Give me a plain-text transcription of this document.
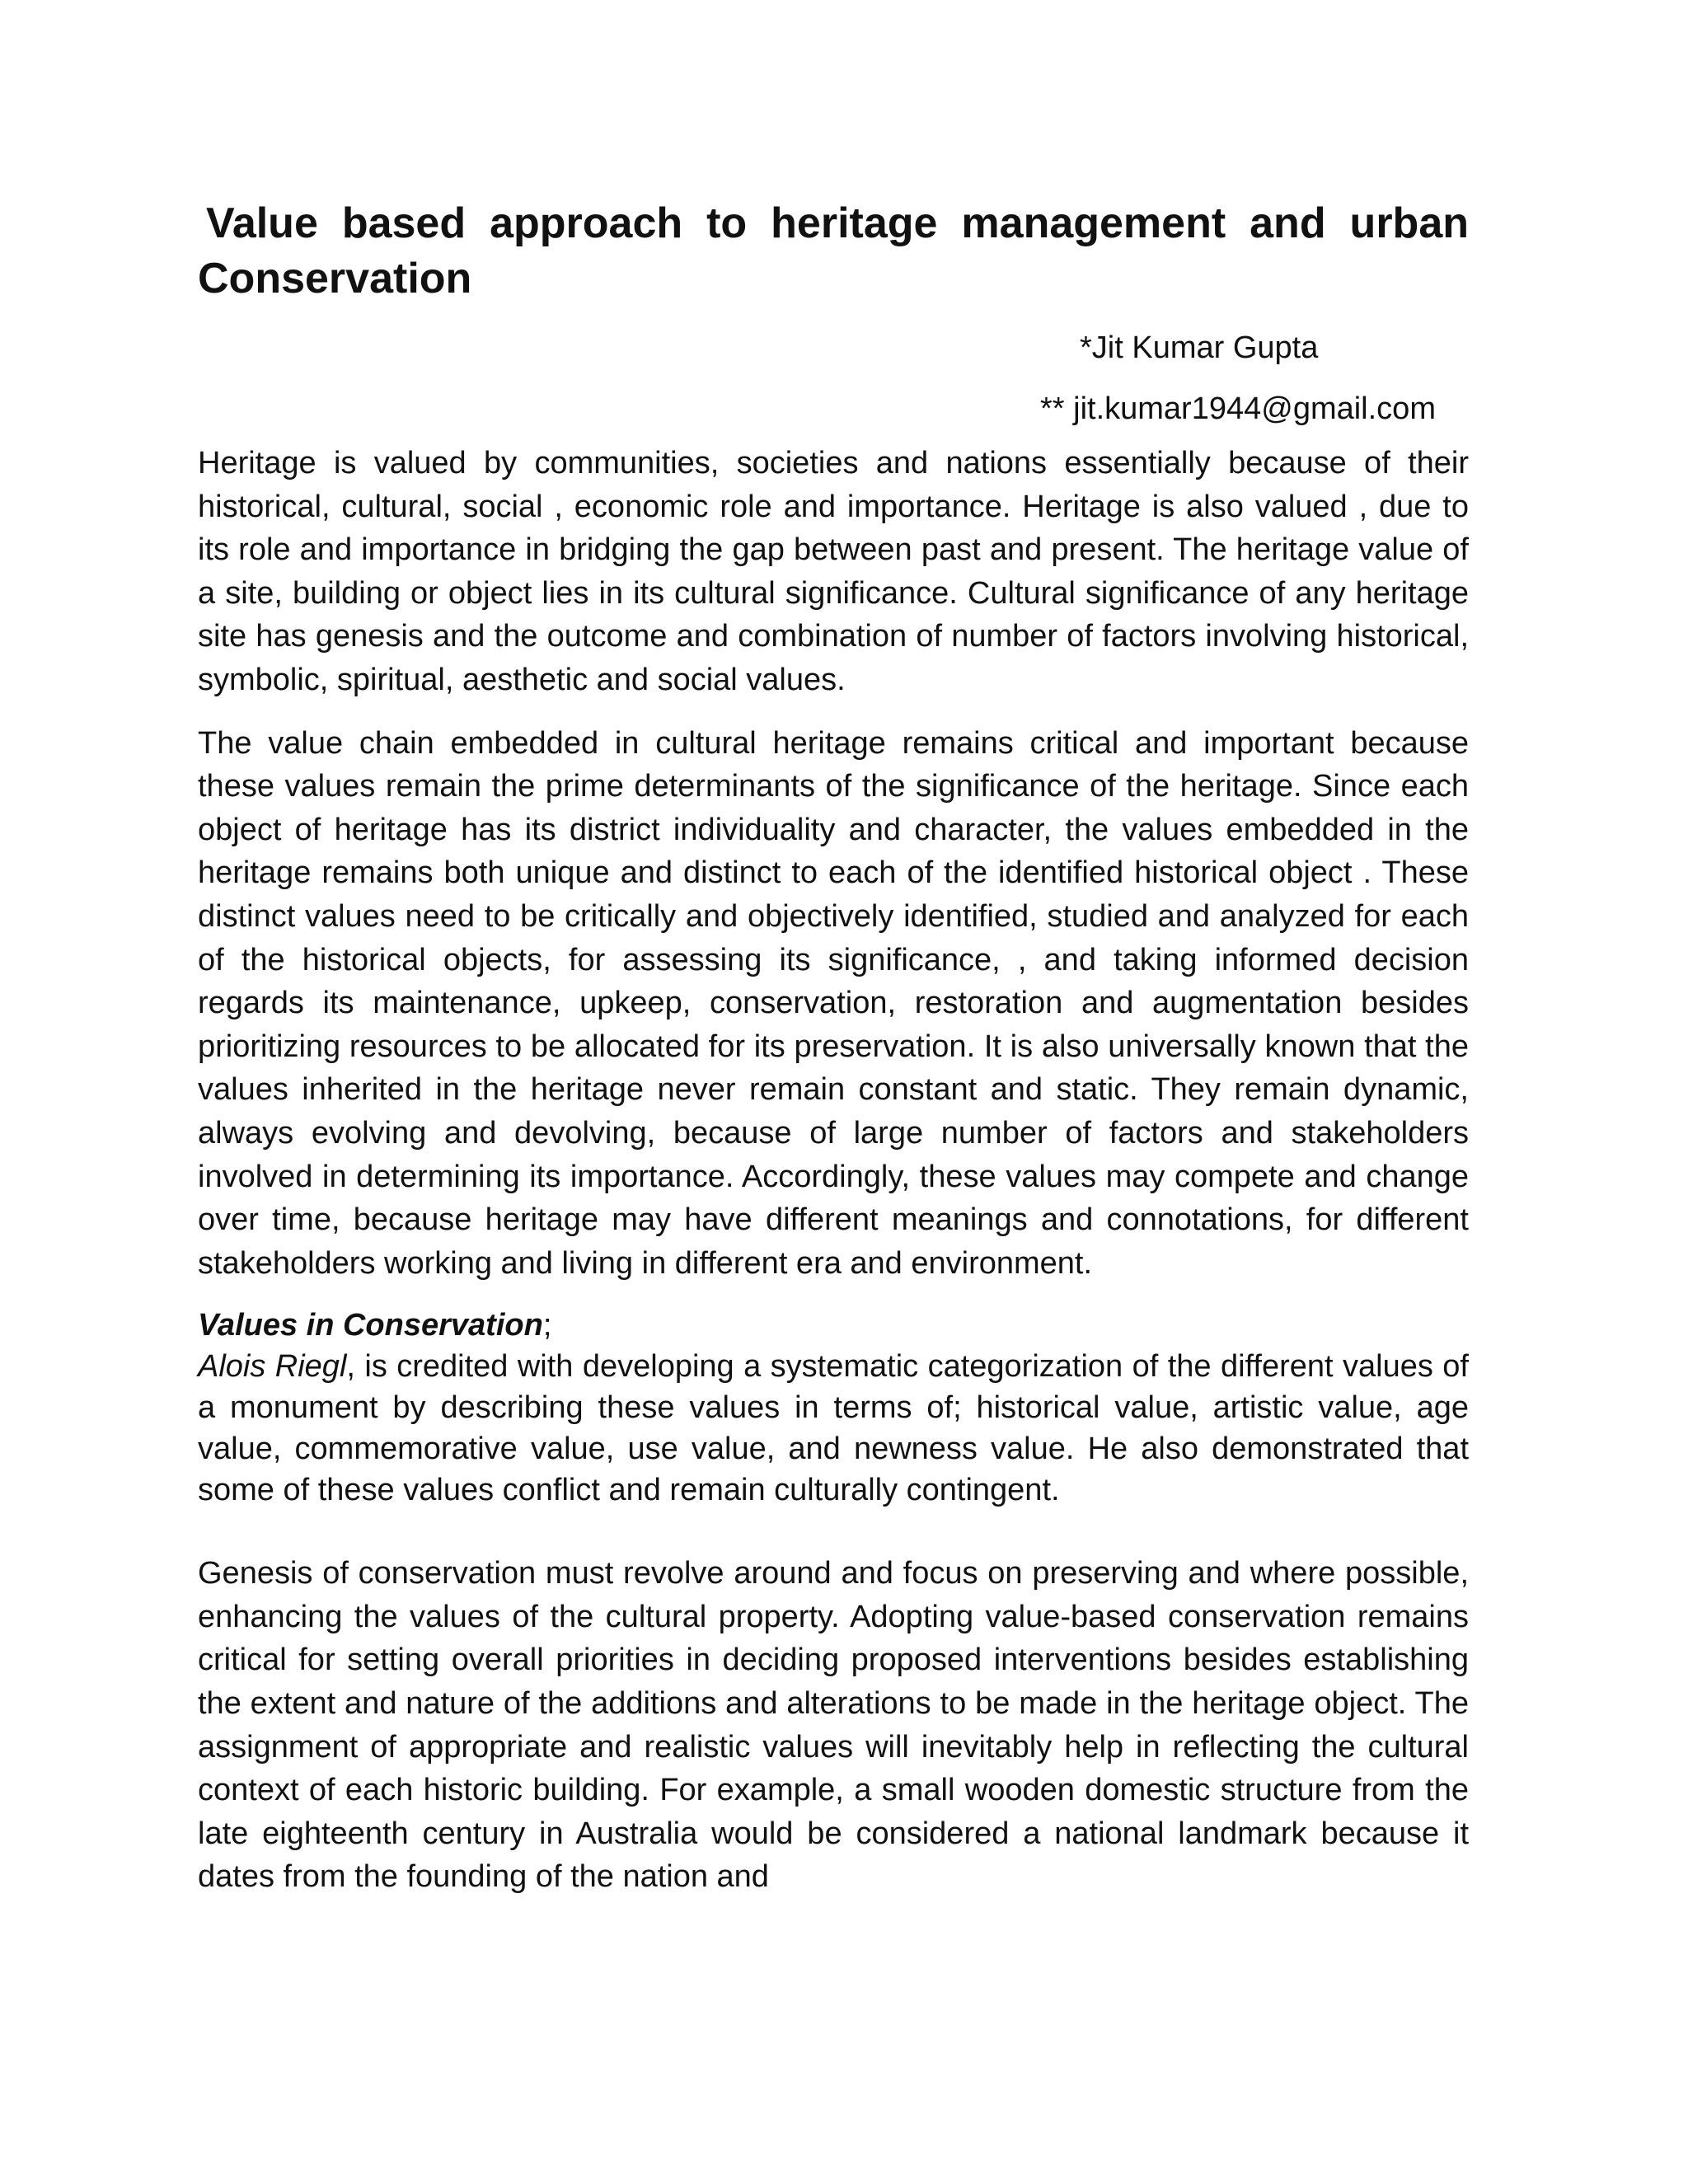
Value based approach to heritage management and urban
Conservation
*Jit Kumar Gupta
** jit.kumar1944@gmail.com

Heritage is valued by communities, societies and nations essentially because of their historical, cultural, social , economic role and importance. Heritage is also valued , due to its role and importance in bridging the gap between past and present. The heritage value of a site, building or object lies in its cultural significance. Cultural significance of any heritage site has genesis and the outcome and combination of number of factors involving historical, symbolic, spiritual, aesthetic and social values.

The value chain embedded in cultural heritage remains critical and important because these values remain the prime determinants of the significance of the heritage. Since each object of heritage has its district individuality and character, the values embedded in the heritage remains both unique and distinct to each of the identified historical object . These distinct values need to be critically and objectively identified, studied and analyzed for each of the historical objects, for assessing its significance, , and taking informed decision regards its maintenance, upkeep, conservation, restoration and augmentation besides prioritizing resources to be allocated for its preservation. It is also universally known that the values inherited in the heritage never remain constant and static. They remain dynamic, always evolving and devolving, because of large number of factors and stakeholders involved in determining its importance. Accordingly, these values may compete and change over time, because heritage may have different meanings and connotations, for different stakeholders working and living in different era and environment.

Values in Conservation;

Alois Riegl, is credited with developing a systematic categorization of the different values of a monument by describing these values in terms of; historical value, artistic value, age value, commemorative value, use value, and newness value. He also demonstrated that some of these values conflict and remain culturally contingent.

Genesis of conservation must revolve around and focus on preserving and where possible, enhancing the values of the cultural property. Adopting value-based conservation remains critical for setting overall priorities in deciding proposed interventions besides establishing the extent and nature of the additions and alterations to be made in the heritage object. The assignment of appropriate and realistic values will inevitably help in reflecting the cultural context of each historic building. For example, a small wooden domestic structure from the late eighteenth century in Australia would be considered a national landmark because it dates from the founding of the nation and
